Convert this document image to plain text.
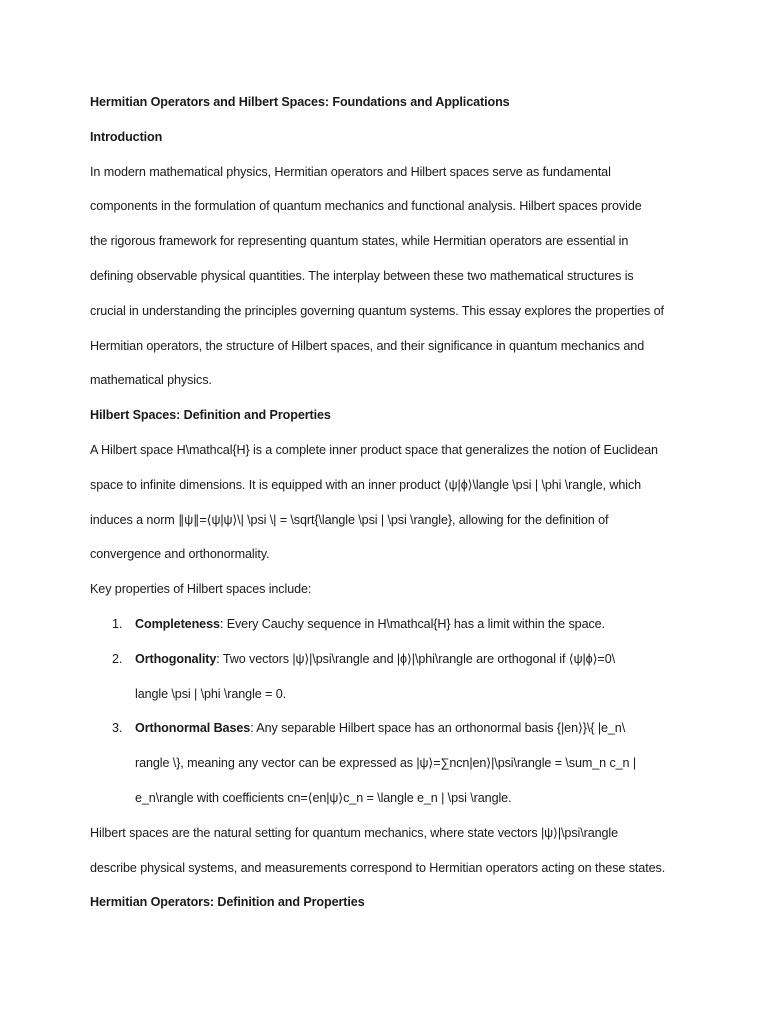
Hermitian Operators and Hilbert Spaces: Foundations and Applications
Introduction
In modern mathematical physics, Hermitian operators and Hilbert spaces serve as fundamental
components in the formulation of quantum mechanics and functional analysis. Hilbert spaces provide
the rigorous framework for representing quantum states, while Hermitian operators are essential in
defining observable physical quantities. The interplay between these two mathematical structures is
crucial in understanding the principles governing quantum systems. This essay explores the properties of
Hermitian operators, the structure of Hilbert spaces, and their significance in quantum mechanics and
mathematical physics.
Hilbert Spaces: Definition and Properties
A Hilbert space H\mathcal{H} is a complete inner product space that generalizes the notion of Euclidean
space to infinite dimensions. It is equipped with an inner product ⟨ψ|ϕ⟩\langle \psi | \phi \rangle, which
induces a norm ∥ψ∥=⟨ψ|ψ⟩\| \psi \| = \sqrt{\langle \psi | \psi \rangle}, allowing for the definition of
convergence and orthonormality.
Key properties of Hilbert spaces include:
1. Completeness: Every Cauchy sequence in H\mathcal{H} has a limit within the space.
2. Orthogonality: Two vectors |ψ⟩|\psi\rangle and |ϕ⟩|\phi\rangle are orthogonal if ⟨ψ|ϕ⟩=0\
langle \psi | \phi \rangle = 0.
3. Orthonormal Bases: Any separable Hilbert space has an orthonormal basis {|en⟩}\{ |e_n\
rangle \}, meaning any vector can be expressed as |ψ⟩=∑ncn|en⟩|\psi\rangle = \sum_n c_n |
e_n\rangle with coefficients cn=⟨en|ψ⟩c_n = \langle e_n | \psi \rangle.
Hilbert spaces are the natural setting for quantum mechanics, where state vectors |ψ⟩|\psi\rangle
describe physical systems, and measurements correspond to Hermitian operators acting on these states.
Hermitian Operators: Definition and Properties
